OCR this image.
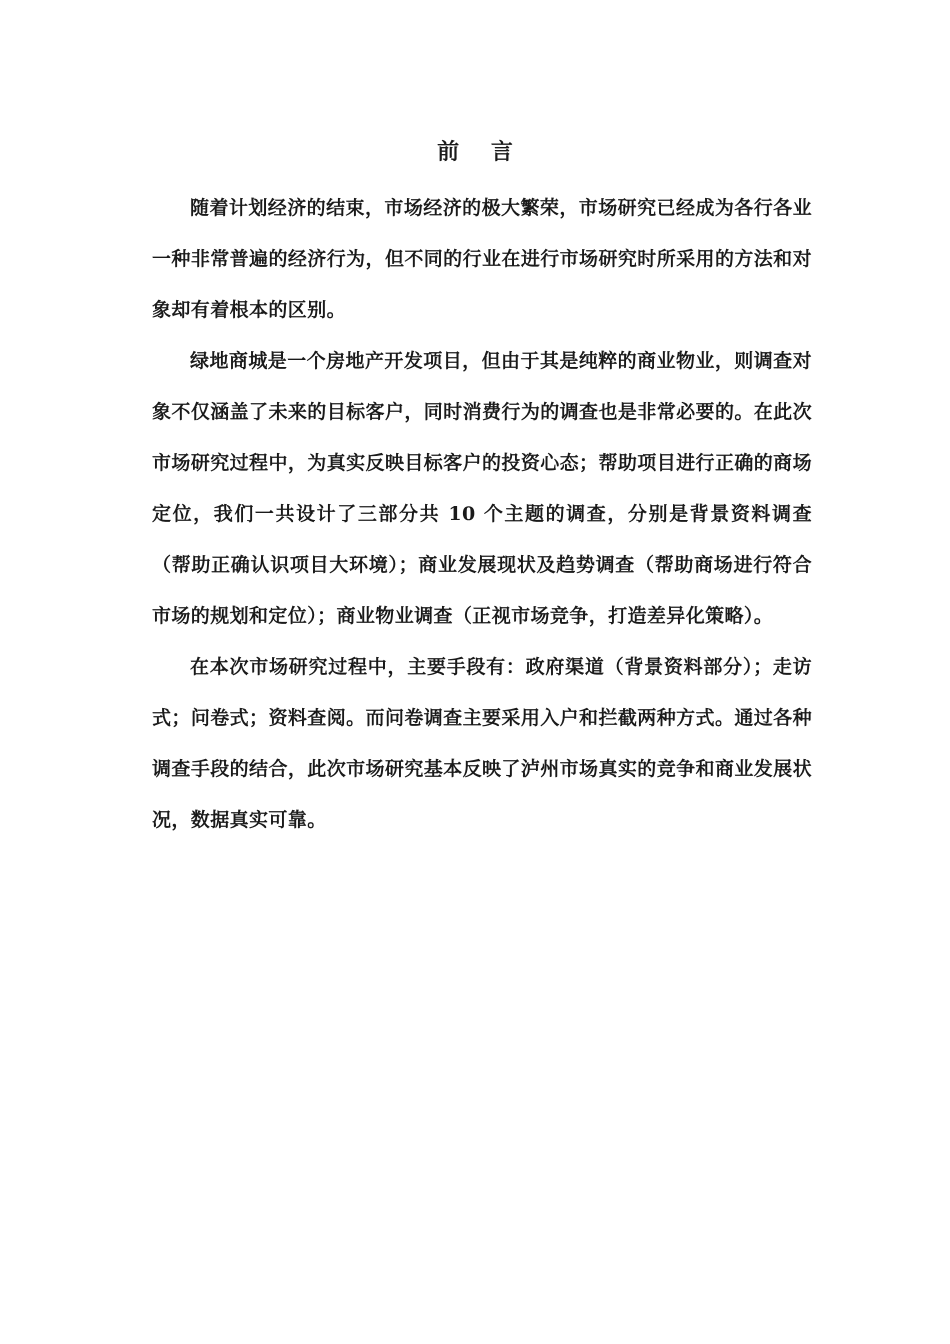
前 言

随着计划经济的结束，市场经济的极大繁荣，市场研究已经成为各行各业一种非常普遍的经济行为，但不同的行业在进行市场研究时所采用的方法和对象却有着根本的区别。

绿地商城是一个房地产开发项目，但由于其是纯粹的商业物业，则调查对象不仅涵盖了未来的目标客户，同时消费行为的调查也是非常必要的。在此次市场研究过程中，为真实反映目标客户的投资心态；帮助项目进行正确的商场定位，我们一共设计了三部分共 10 个主题的调查，分别是背景资料调查（帮助正确认识项目大环境）；商业发展现状及趋势调查（帮助商场进行符合市场的规划和定位）；商业物业调查（正视市场竞争，打造差异化策略）。

在本次市场研究过程中，主要手段有：政府渠道（背景资料部分）；走访式；问卷式；资料查阅。而问卷调查主要采用入户和拦截两种方式。通过各种调查手段的结合，此次市场研究基本反映了泸州市场真实的竞争和商业发展状况，数据真实可靠。
